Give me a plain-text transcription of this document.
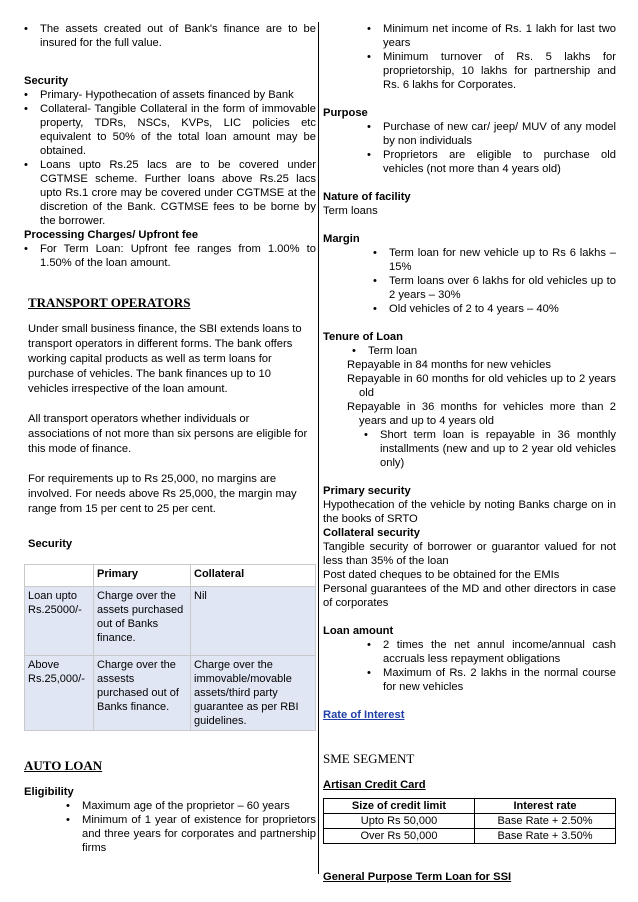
• The assets created out of Bank's finance are to be insured for the full value.

Security

• Primary- Hypothecation of assets financed by Bank
• Collateral- Tangible Collateral in the form of immovable property, TDRs, NSCs, KVPs, LIC policies etc equivalent to 50% of the total loan amount may be obtained.
• Loans upto Rs.25 lacs are to be covered under CGTMSE scheme. Further loans above Rs.25 lacs upto Rs.1 crore may be covered under CGTMSE at the discretion of the Bank. CGTMSE fees to be borne by the borrower.

Processing Charges/ Upfront fee

• For Term Loan: Upfront fee ranges from 1.00% to 1.50% of the loan amount.

TRANSPORT OPERATORS

Under small business finance, the SBI extends loans to transport operators in different forms. The bank offers working capital products as well as term loans for purchase of vehicles. The bank finances up to 10 vehicles irrespective of the loan amount.

All transport operators whether individuals or associations of not more than six persons are eligible for this mode of finance.

For requirements up to Rs 25,000, no margins are involved. For needs above Rs 25,000, the margin may range from 15 per cent to 25 per cent.

Security

	Primary	Collateral
Loan upto Rs.25000/-	Charge over the assets purchased out of Banks finance.	Nil
Above Rs.25,000/-	Charge over the assests purchased out of Banks finance.	Charge over the immovable/movable assets/third party guarantee as per RBI guidelines.

AUTO LOAN

Eligibility

• Maximum age of the proprietor – 60 years
• Minimum of 1 year of existence for proprietors and three years for corporates and partnership firms
• Minimum net income of Rs. 1 lakh for last two years
• Minimum turnover of Rs. 5 lakhs for proprietorship, 10 lakhs for partnership and Rs. 6 lakhs for Corporates.

Purpose

• Purchase of new car/ jeep/ MUV of any model by non individuals
• Proprietors are eligible to purchase old vehicles (not more than 4 years old)

Nature of facility

Term loans

Margin

• Term loan for new vehicle up to Rs 6 lakhs – 15%
• Term loans over 6 lakhs for old vehicles up to 2 years – 30%
• Old vehicles of 2 to 4 years – 40%

Tenure of Loan

• Term loan

Repayable in 84 months for new vehicles

Repayable in 60 months for old vehicles up to 2 years old

Repayable in 36 months for vehicles more than 2 years and up to 4 years old

• Short term loan is repayable in 36 monthly installments (new and up to 2 year old vehicles only)

Primary security

Hypothecation of the vehicle by noting Banks charge on in the books of SRTO

Collateral security

Tangible security of borrower or guarantor valued for not less than 35% of the loan

Post dated cheques to be obtained for the EMIs

Personal guarantees of the MD and other directors in case of corporates

Loan amount

• 2 times the net annul income/annual cash accruals less repayment obligations
• Maximum of Rs. 2 lakhs in the normal course for new vehicles

Rate of Interest

SME SEGMENT

Artisan Credit Card

Size of credit limit	Interest rate
Upto Rs 50,000	Base Rate + 2.50%
Over Rs 50,000	Base Rate + 3.50%

General Purpose Term Loan for SSI
